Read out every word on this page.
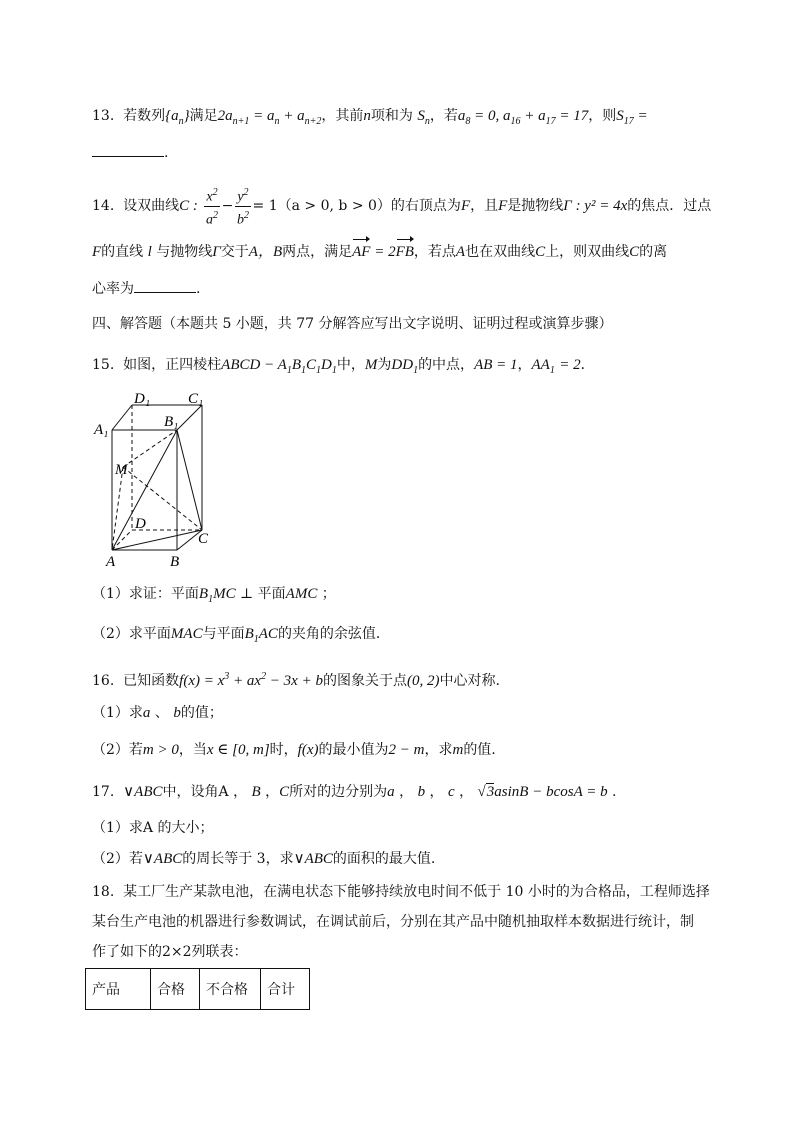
13. 若数列$\{a_n\}$满足$2a_{n+1} = a_n + a_{n+2}$，其前n项和为 $S_n$，若$a_8 = 0$, $a_{16} + a_{17} = 17$，则$S_{17}$ =
.
14. 设双曲线C : $\frac{x^2}{a^2} - \frac{y^2}{b^2} = 1(a > 0$, b > 0）的右顶点为F，且F是抛物线Γ : y² = 4x的焦点．过点
F的直线 l 与抛物线Γ交于A，B两点，满足AF = 2FB，若点A也在双曲线C上，则双曲线C的离
心率为	.
四、解答题（本题共 5 小题，共 77 分解答应写出文字说明、证明过程或演算步骤）
15. 如图，正四棱柱ABCD − $A_1B_1C_1D_1$中，M为$DD_1$的中点，AB = 1，$AA_1 = 2$．
D₁	C₁
A₁	B₁
M
D
C
A	B
（1）求证：平面$B_1MC$ ⊥ 平面AMC ；
（2）求平面MAC与平面$B_1AC$的夹角的余弦值．
16. 已知函数$f(x) = x^3 + ax^2 - 3x + b$的图象关于点(0, 2)中心对称.
（1）求a 、 b的值；
（2）若m > 0，当x ∈ [0, m]时，f(x)的最小值为2 − m，求m的值.
17. ∨ABC中，设角A ， B ，C所对的边分别为a ， b ， c ， √3asinB − bcosA = b .
（1）求A 的大小；
（2）若∨ABC的周长等于 3，求∨ABC的面积的最大值.
18. 某工厂生产某款电池，在满电状态下能够持续放电时间不低于 10 小时的为合格品，工程师选择
某台生产电池的机器进行参数调试，在调试前后，分别在其产品中随机抽取样本数据进行统计，制
作了如下的2×2列联表：
产品	合格	不合格	合计
